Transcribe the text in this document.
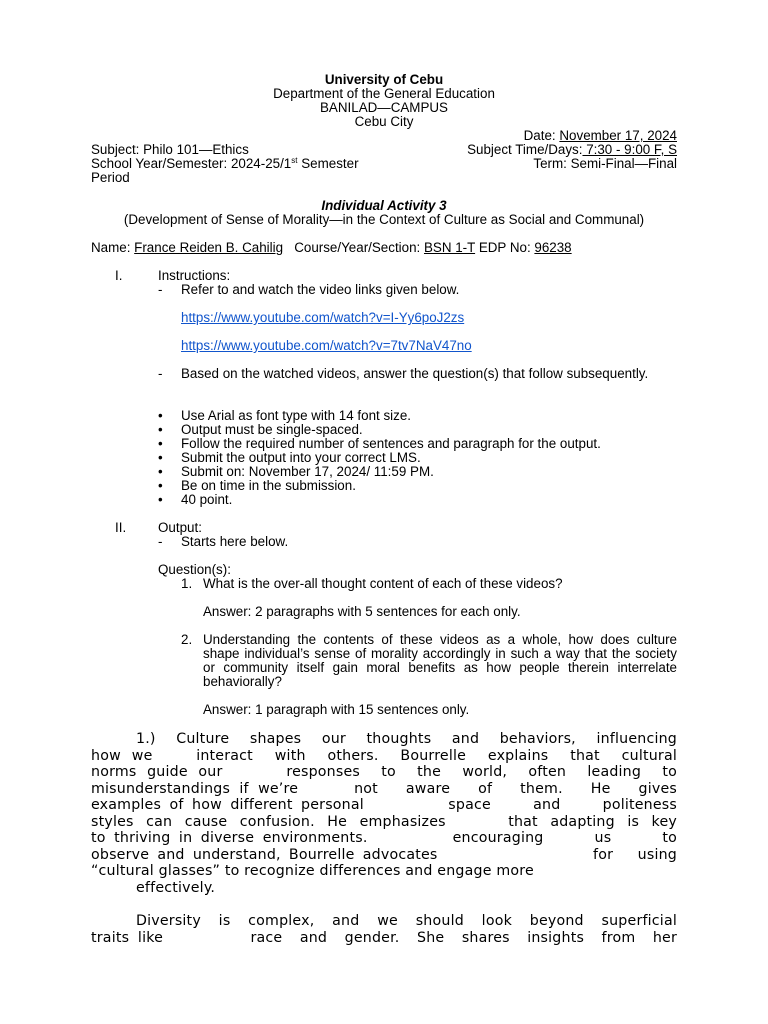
University of Cebu
Department of the General Education
BANILAD—CAMPUS
Cebu City
Date: November 17, 2024
Subject: Philo 101—Ethics	Subject Time/Days: 7:30 - 9:00 F, S
School Year/Semester: 2024-25/1st Semester	Term: Semi-Final—Final
Period
Individual Activity 3
(Development of Sense of Morality—in the Context of Culture as Social and Communal)
Name: France Reiden B. Cahilig   Course/Year/Section: BSN 1-T EDP No: 96238
I.	Instructions:
- Refer to and watch the video links given below.
https://www.youtube.com/watch?v=I-Yy6poJ2zs
https://www.youtube.com/watch?v=7tv7NaV47no
- Based on the watched videos, answer the question(s) that follow subsequently.
• Use Arial as font type with 14 font size.
• Output must be single-spaced.
• Follow the required number of sentences and paragraph for the output.
• Submit the output into your correct LMS.
• Submit on: November 17, 2024/ 11:59 PM.
• Be on time in the submission.
• 40 point.
II. Output:
- Starts here below.
Question(s):
1. What is the over-all thought content of each of these videos?
Answer: 2 paragraphs with 5 sentences for each only.
2. Understanding the contents of these videos as a whole, how does culture shape individual’s sense of morality accordingly in such a way that the society or community itself gain moral benefits as how people therein interrelate behaviorally?
Answer: 1 paragraph with 15 sentences only.
1.) Culture shapes our thoughts and behaviors, influencing
how we    interact  with  others.  Bourrelle  explains  that  cultural
norms guide our      responses  to  the  world,  often  leading  to
misunderstandings if we’re      not   aware   of   them.   He   gives
examples of how different personal          space     and     politeness
styles can cause confusion. He emphasizes     that adapting is key
to thriving in diverse environments.          encouraging      us      to
observe and understand, Bourrelle advocates                   for   using
“cultural glasses” to recognize differences and engage more
effectively.
Diversity is complex, and we should look beyond superficial
traits like          race  and  gender.  She  shares  insights  from  her
